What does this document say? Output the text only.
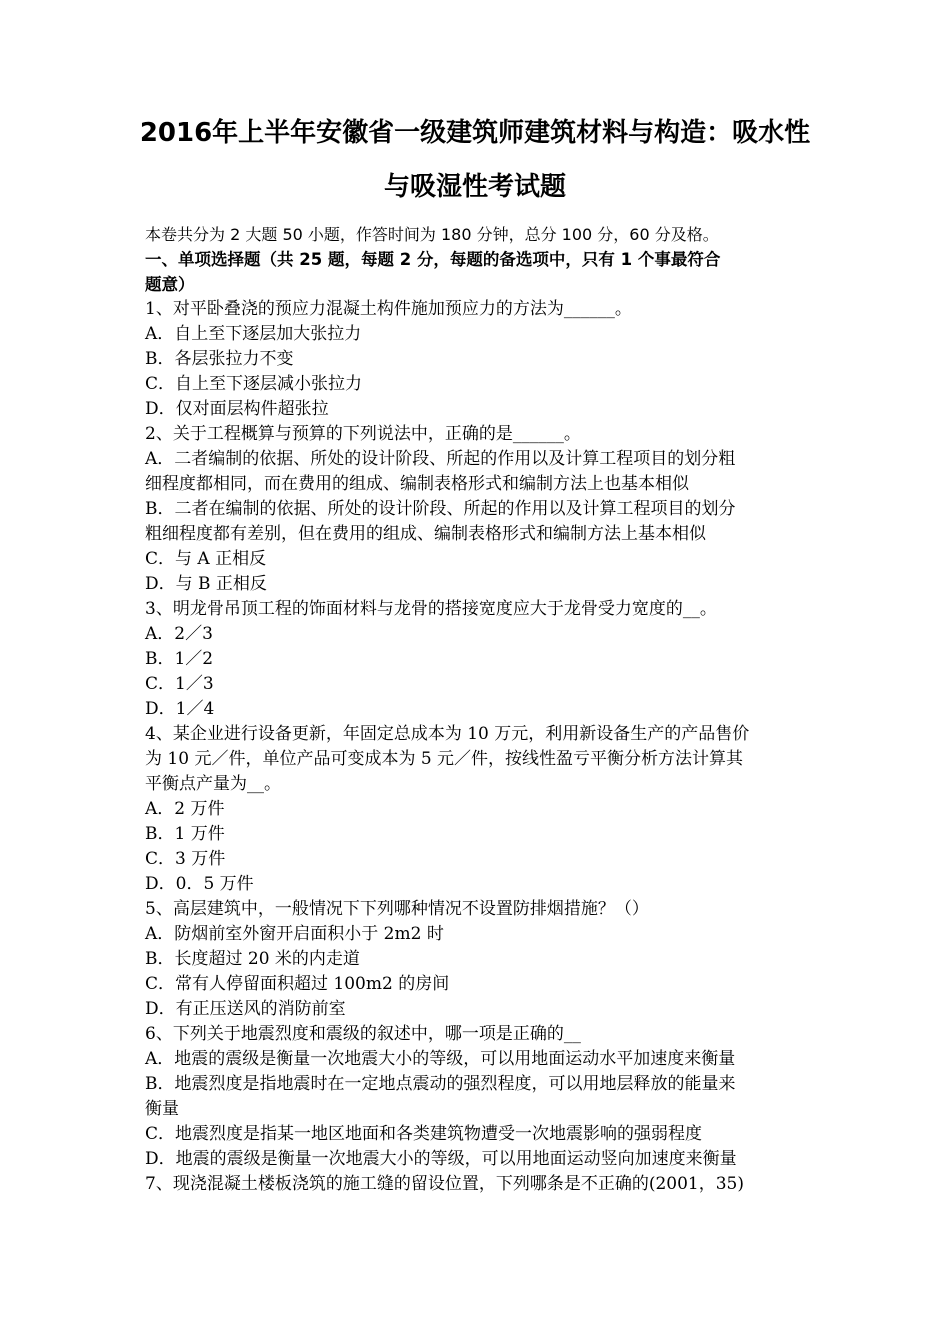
2016年上半年安徽省一级建筑师建筑材料与构造：吸水性
与吸湿性考试题
本卷共分为 2 大题 50 小题，作答时间为 180 分钟，总分 100 分，60 分及格。
一、单项选择题（共 25 题，每题 2 分，每题的备选项中，只有 1 个事最符合
题意）
1、对平卧叠浇的预应力混凝土构件施加预应力的方法为______。
A．自上至下逐层加大张拉力
B．各层张拉力不变
C．自上至下逐层减小张拉力
D．仅对面层构件超张拉
2、关于工程概算与预算的下列说法中，正确的是______。
A．二者编制的依据、所处的设计阶段、所起的作用以及计算工程项目的划分粗
细程度都相同，而在费用的组成、编制表格形式和编制方法上也基本相似
B．二者在编制的依据、所处的设计阶段、所起的作用以及计算工程项目的划分
粗细程度都有差别，但在费用的组成、编制表格形式和编制方法上基本相似
C．与 A 正相反
D．与 B 正相反
3、明龙骨吊顶工程的饰面材料与龙骨的搭接宽度应大于龙骨受力宽度的__。
A．2／3
B．1／2
C．1／3
D．1／4
4、某企业进行设备更新，年固定总成本为 10 万元，利用新设备生产的产品售价
为 10 元／件，单位产品可变成本为 5 元／件，按线性盈亏平衡分析方法计算其
平衡点产量为__。
A．2 万件
B．1 万件
C．3 万件
D．0．5 万件
5、高层建筑中，一般情况下下列哪种情况不设置防排烟措施？（）
A．防烟前室外窗开启面积小于 2m2 时
B．长度超过 20 米的内走道
C．常有人停留面积超过 100m2 的房间
D．有正压送风的消防前室
6、下列关于地震烈度和震级的叙述中，哪一项是正确的__
A．地震的震级是衡量一次地震大小的等级，可以用地面运动水平加速度来衡量
B．地震烈度是指地震时在一定地点震动的强烈程度，可以用地层释放的能量来
衡量
C．地震烈度是指某一地区地面和各类建筑物遭受一次地震影响的强弱程度
D．地震的震级是衡量一次地震大小的等级，可以用地面运动竖向加速度来衡量
7、现浇混凝土楼板浇筑的施工缝的留设位置，下列哪条是不正确的(2001，35)
